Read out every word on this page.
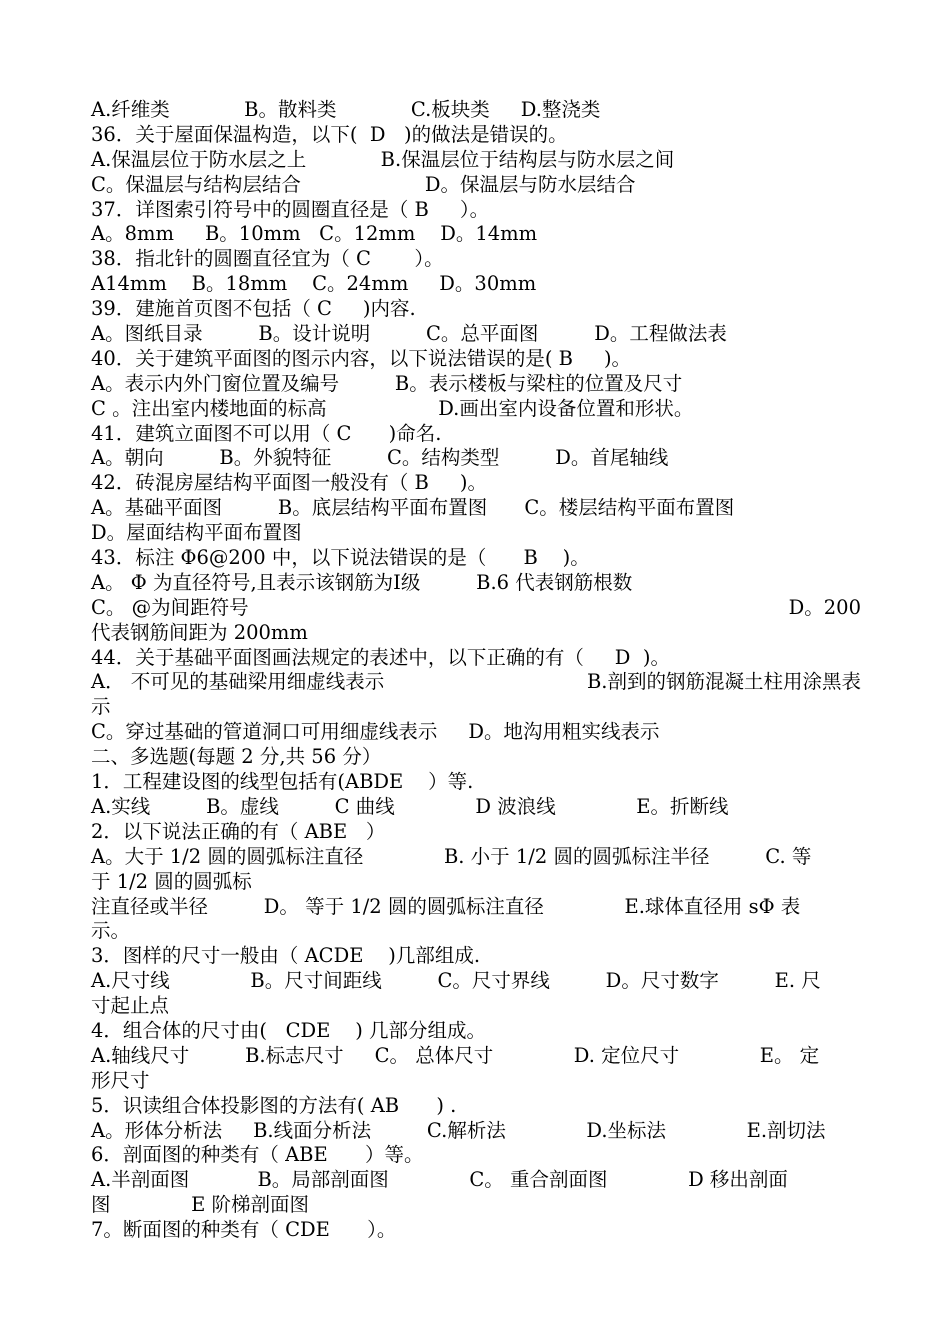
A.纤维类            B。散料类            C.板块类     D.整浇类
36．关于屋面保温构造，以下(  D   )的做法是错误的。
A.保温层位于防水层之上            B.保温层位于结构层与防水层之间
C。保温层与结构层结合                    D。保温层与防水层结合
37．详图索引符号中的圆圈直径是（ B     ）。
A。8mm     B。10mm   C。12mm    D。14mm
38．指北针的圆圈直径宜为（ C       ）。
A14mm    B。18mm    C。24mm     D。30mm
39．建施首页图不包括（ C     )内容.
A。图纸目录         B。设计说明         C。总平面图         D。工程做法表
40．关于建筑平面图的图示内容，以下说法错误的是( B     )。
A。表示内外门窗位置及编号         B。表示楼板与梁柱的位置及尺寸
C 。注出室内楼地面的标高                  D.画出室内设备位置和形状。
41．建筑立面图不可以用（ C      )命名.
A。朝向         B。外貌特征         C。结构类型         D。首尾轴线
42．砖混房屋结构平面图一般没有（ B     )。
A。基础平面图         B。底层结构平面布置图      C。楼层结构平面布置图
D。屋面结构平面布置图
43．标注 Φ6@200 中，以下说法错误的是（      B    )。
A。 Φ 为直径符号,且表示该钢筋为Ⅰ级         B.6 代表钢筋根数
C。 @为间距符号	D。200
代表钢筋间距为 200mm
44．关于基础平面图画法规定的表述中，以下正确的有（     D  )。
A． 不可见的基础梁用细虚线表示	B.剖到的钢筋混凝土柱用涂黑表
示
C。穿过基础的管道洞口可用细虚线表示     D。地沟用粗实线表示
二、多选题(每题 2 分,共 56 分）
1．工程建设图的线型包括有(ABDE    ）等.
A.实线         B。虚线         C 曲线             D 波浪线             E。折断线
2．以下说法正确的有（ ABE   ）
A。大于 1/2 圆的圆弧标注直径             B. 小于 1/2 圆的圆弧标注半径         C. 等
于 1/2 圆的圆弧标
注直径或半径         D。 等于 1/2 圆的圆弧标注直径             E.球体直径用 sΦ 表
示。
3．图样的尺寸一般由（ ACDE    )几部组成.
A.尺寸线             B。尺寸间距线         C。尺寸界线         D。尺寸数字         E. 尺
寸起止点
4．组合体的尺寸由(   CDE    ) 几部分组成。
A.轴线尺寸         B.标志尺寸     C。 总体尺寸             D. 定位尺寸             E。 定
形尺寸
5．识读组合体投影图的方法有( AB      ) .
A。形体分析法     B.线面分析法         C.解析法             D.坐标法             E.剖切法
6．剖面图的种类有（ ABE      ）等。
A.半剖面图           B。局部剖面图             C。 重合剖面图             D 移出剖面
图             E 阶梯剖面图
7。断面图的种类有（ CDE      ）。
